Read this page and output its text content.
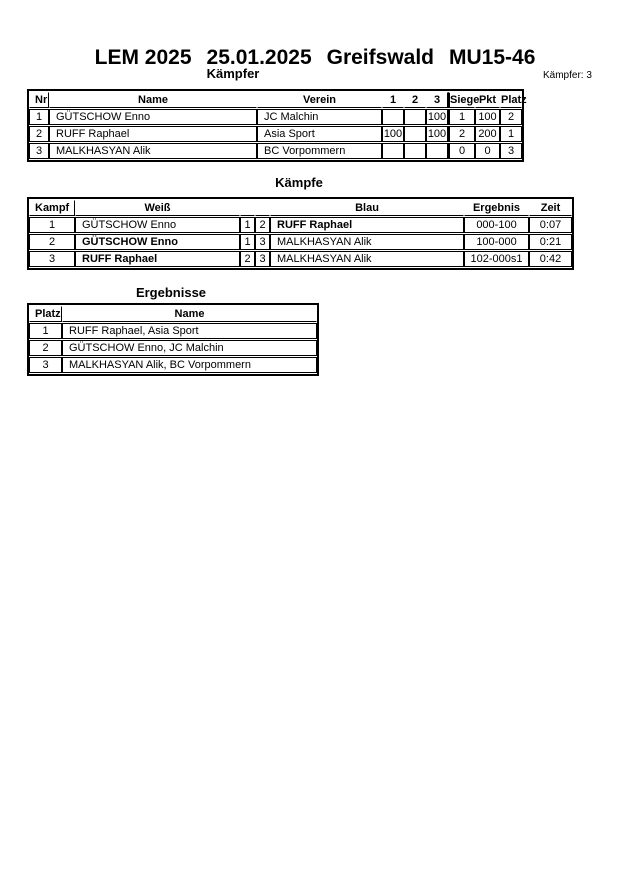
LEM 2025 25.01.2025 Greifswald MU15-46
Kämpfer	Kämpfer: 3
Nr	Name	Verein	1	2	3	Siege	Pkt	Platz
1	GÜTSCHOW Enno	JC Malchin			100	1	100	2
2	RUFF Raphael	Asia Sport	100		100	2	200	1
3	MALKHASYAN Alik	BC Vorpommern				0	0	3
Kämpfe
Kampf	Weiß			Blau	Ergebnis	Zeit
1	GÜTSCHOW Enno	1	2	RUFF Raphael	000-100	0:07
2	GÜTSCHOW Enno	1	3	MALKHASYAN Alik	100-000	0:21
3	RUFF Raphael	2	3	MALKHASYAN Alik	102-000s1	0:42
Ergebnisse
Platz	Name
1	RUFF Raphael, Asia Sport
2	GÜTSCHOW Enno, JC Malchin
3	MALKHASYAN Alik, BC Vorpommern
